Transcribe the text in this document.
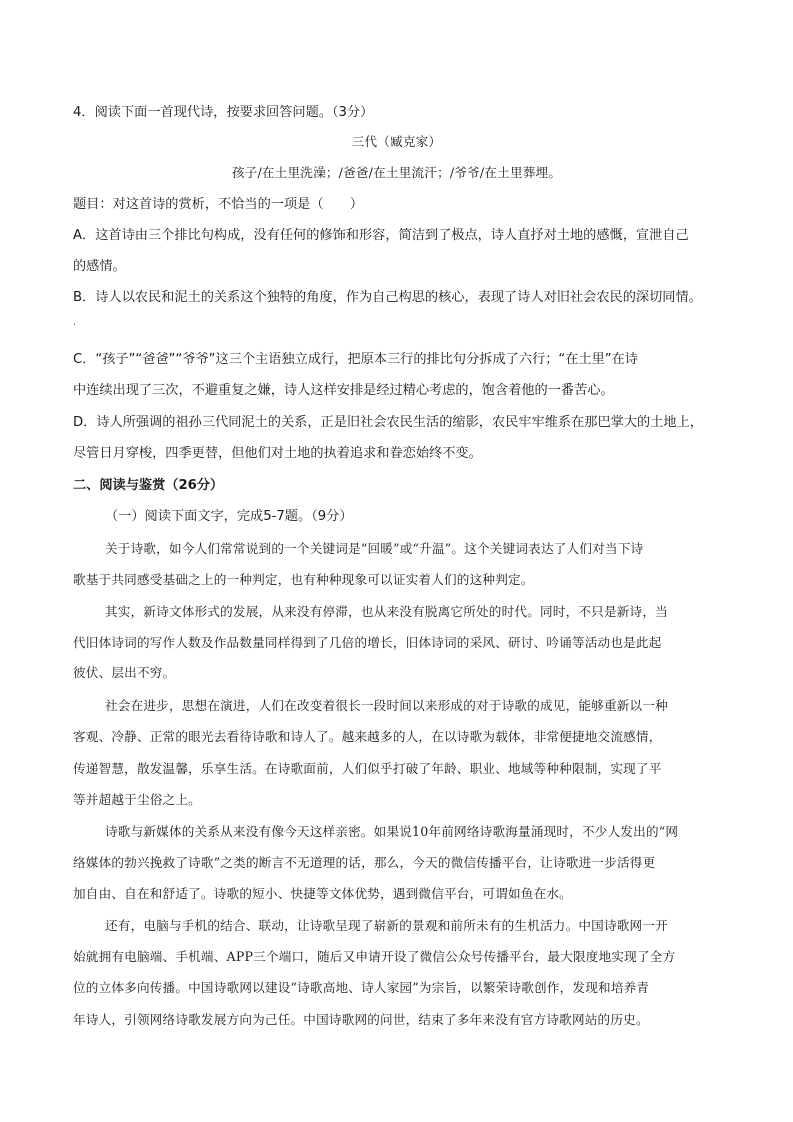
4．阅读下面一首现代诗，按要求回答问题。（3分）
三代（臧克家）
孩子/在土里洗澡；/爸爸/在土里流汗；/爷爷/在土里葬埋。
题目：对这首诗的赏析，不恰当的一项是（　　）
A．这首诗由三个排比句构成，没有任何的修饰和形容，简洁到了极点，诗人直抒对土地的感慨，宣泄自己
的感情。
B．诗人以农民和泥土的关系这个独特的角度，作为自己构思的核心，表现了诗人对旧社会农民的深切同情。
·
C．“孩子”“爸爸”“爷爷”这三个主语独立成行，把原本三行的排比句分拆成了六行；“在土里”在诗
中连续出现了三次，不避重复之嫌，诗人这样安排是经过精心考虑的，饱含着他的一番苦心。
D．诗人所强调的祖孙三代同泥土的关系，正是旧社会农民生活的缩影，农民牢牢维系在那巴掌大的土地上，
尽管日月穿梭，四季更替，但他们对土地的执着追求和眷恋始终不变。
二、阅读与鉴赏（26分）
（一）阅读下面文字，完成5-7题。（9分）
关于诗歌，如今人们常常说到的一个关键词是“回暖”或“升温”。这个关键词表达了人们对当下诗
歌基于共同感受基础之上的一种判定，也有种种现象可以证实着人们的这种判定。
其实，新诗文体形式的发展，从来没有停滞，也从来没有脱离它所处的时代。同时，不只是新诗，当
代旧体诗词的写作人数及作品数量同样得到了几倍的增长，旧体诗词的采风、研讨、吟诵等活动也是此起
彼伏、层出不穷。
社会在进步，思想在演进，人们在改变着很长一段时间以来形成的对于诗歌的成见，能够重新以一种
客观、冷静、正常的眼光去看待诗歌和诗人了。越来越多的人，在以诗歌为载体，非常便捷地交流感情，
传递智慧，散发温馨，乐享生活。在诗歌面前，人们似乎打破了年龄、职业、地域等种种限制，实现了平
等并超越于尘俗之上。
诗歌与新媒体的关系从来没有像今天这样亲密。如果说10年前网络诗歌海量涌现时，不少人发出的“网
络媒体的勃兴挽救了诗歌”之类的断言不无道理的话，那么，今天的微信传播平台，让诗歌进一步活得更
加自由、自在和舒适了。诗歌的短小、快捷等文体优势，遇到微信平台，可谓如鱼在水。
还有，电脑与手机的结合、联动，让诗歌呈现了崭新的景观和前所未有的生机活力。中国诗歌网一开
始就拥有电脑端、手机端、APP三个端口，随后又申请开设了微信公众号传播平台，最大限度地实现了全方
位的立体多向传播。中国诗歌网以建设“诗歌高地、诗人家园”为宗旨，以繁荣诗歌创作，发现和培养青
年诗人，引领网络诗歌发展方向为己任。中国诗歌网的问世，结束了多年来没有官方诗歌网站的历史。
